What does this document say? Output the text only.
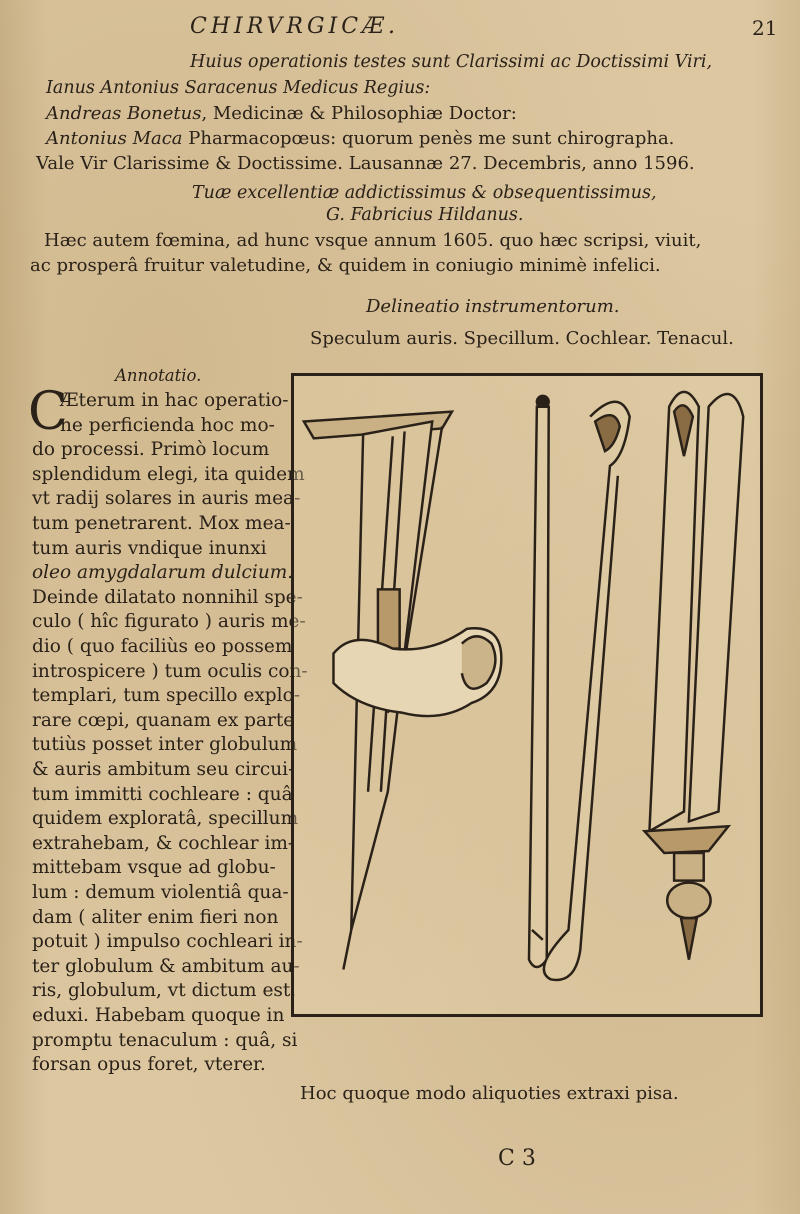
CHIRVRGICÆ.	21
Huius operationis testes sunt Clarissimi ac Doctissimi Viri,
Ianus Antonius Saracenus Medicus Regius:
Andreas Bonetus, Medicinæ & Philosophiæ Doctor:
Antonius Maca Pharmacopœus: quorum penès me sunt chirographa.
Vale Vir Clarissime & Doctissime. Lausannæ 27. Decembris, anno 1596.
Tuæ excellentiæ addictissimus & obsequentissimus,
G. Fabricius Hildanus.
Hæc autem fœmina, ad hunc vsque annum 1605. quo hæc scripsi, viuit,
ac prosperâ fruitur valetudine, & quidem in coniugio minimè infelici.
Delineatio instrumentorum.
Speculum auris. Specillum. Cochlear. Tenacul.
Annotatio.
C
Æterum in hac operatio-
ne perficienda hoc mo-
do processi. Primò locum
splendidum elegi, ita quidem
vt radij solares in auris mea-
tum penetrarent. Mox mea-
tum auris vndique inunxi
oleo amygdalarum dulcium.
Deinde dilatato nonnihil spe-
culo ( hîc figurato ) auris me-
dio ( quo faciliùs eo possem
introspicere ) tum oculis con-
templari, tum specillo explo-
rare cœpi, quanam ex parte
tutiùs posset inter globulum
& auris ambitum seu circui-
tum immitti cochleare : quâ
quidem exploratâ, specillum
extrahebam, & cochlear im-
mittebam vsque ad globu-
lum : demum violentiâ qua-
dam ( aliter enim fieri non
potuit ) impulso cochleari in-
ter globulum & ambitum au-
ris, globulum, vt dictum est,
eduxi. Habebam quoque in
promptu tenaculum : quâ, si
forsan opus foret, vterer.
Hoc quoque modo aliquoties extraxi pisa.
C 3
